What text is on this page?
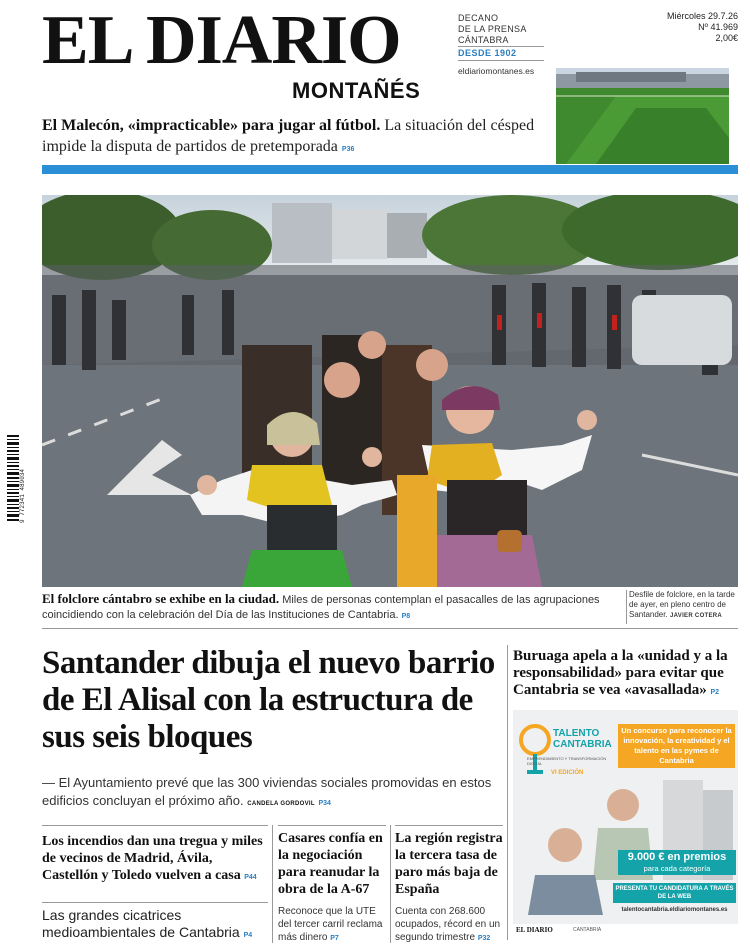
EL DIARIO
MONTAÑÉS
DECANO
DE LA PRENSA
CÁNTABRA
DESDE 1902
eldiariomontanes.es
Miércoles 29.7.26
Nº 41.969
2,00€
El Malecón, «impracticable» para jugar al fútbol. La situación del césped impide la disputa de partidos de pretemporada P36
9 772341 489034
El folclore cántabro se exhibe en la ciudad. Miles de personas contemplan el pasacalles de las agrupaciones coincidiendo con la celebración del Día de las Instituciones de Cantabria. P8
Desfile de folclore, en la tarde de ayer, en pleno centro de Santander. JAVIER COTERA
Santander dibuja el nuevo barrio de El Alisal con la estructura de sus seis bloques
— El Ayuntamiento prevé que las 300 viviendas sociales promovidas en estos edificios concluyan el próximo año. CANDELA GORDOVIL P34
Buruaga apela a la «unidad y a la responsabilidad» para evitar que Cantabria se vea «avasallada» P2
TALENTO
CANTABRIA
EMPRENDIMIENTO Y TRANSFORMACIÓN DIGITAL
VI EDICIÓN
Un concurso para reconocer la innovación, la creatividad y el talento en las pymes de Cantabria
9.000 € en premios
para cada categoría
PRESENTA TU CANDIDATURA A TRAVÉS DE LA WEB
talentocantabria.eldiariomontanes.es
EL DIARIO	CANTABRIA
Los incendios dan una tregua y miles de vecinos de Madrid, Ávila, Castellón y Toledo vuelven a casa P44
Casares confía en la negociación para reanudar la obra de la A-67
Reconoce que la UTE del tercer carril reclama más dinero P7
La región registra la tercera tasa de paro más baja de España
Cuenta con 268.600 ocupados, récord en un segundo trimestre P32
Las grandes cicatrices medioambientales de Cantabria P4
